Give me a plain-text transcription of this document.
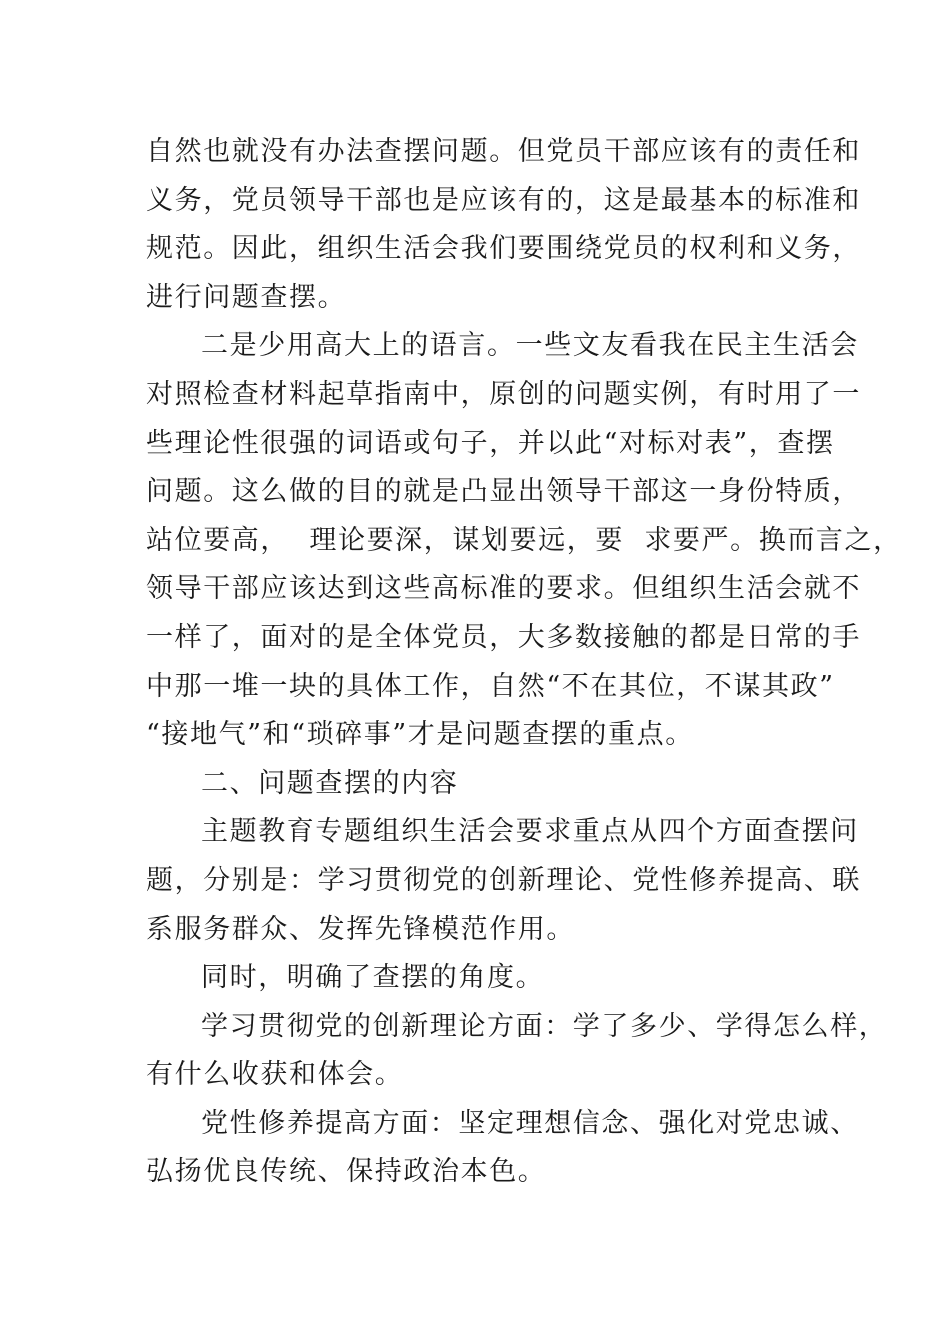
自然也就没有办法查摆问题。但党员干部应该有的责任和
义务，党员领导干部也是应该有的，这是最基本的标准和
规范。因此，组织生活会我们要围绕党员的权利和义务，
进行问题查摆。
二是少用高大上的语言。一些文友看我在民主生活会
对照检查材料起草指南中，原创的问题实例，有时用了一
些理论性很强的词语或句子，并以此“对标对表”，查摆
问题。这么做的目的就是凸显出领导干部这一身份特质，
站位要高，  理论要深，谋划要远，要  求要严。换而言之，
领导干部应该达到这些高标准的要求。但组织生活会就不
一样了，面对的是全体党员，大多数接触的都是日常的手
中那一堆一块的具体工作，自然“不在其位，不谋其政”
“接地气”和“琐碎事”才是问题查摆的重点。
二、问题查摆的内容
主题教育专题组织生活会要求重点从四个方面查摆问
题，分别是：学习贯彻党的创新理论、党性修养提高、联
系服务群众、发挥先锋模范作用。
同时，明确了查摆的角度。
学习贯彻党的创新理论方面：学了多少、学得怎么样，
有什么收获和体会。
党性修养提高方面：坚定理想信念、强化对党忠诚、
弘扬优良传统、保持政治本色。
